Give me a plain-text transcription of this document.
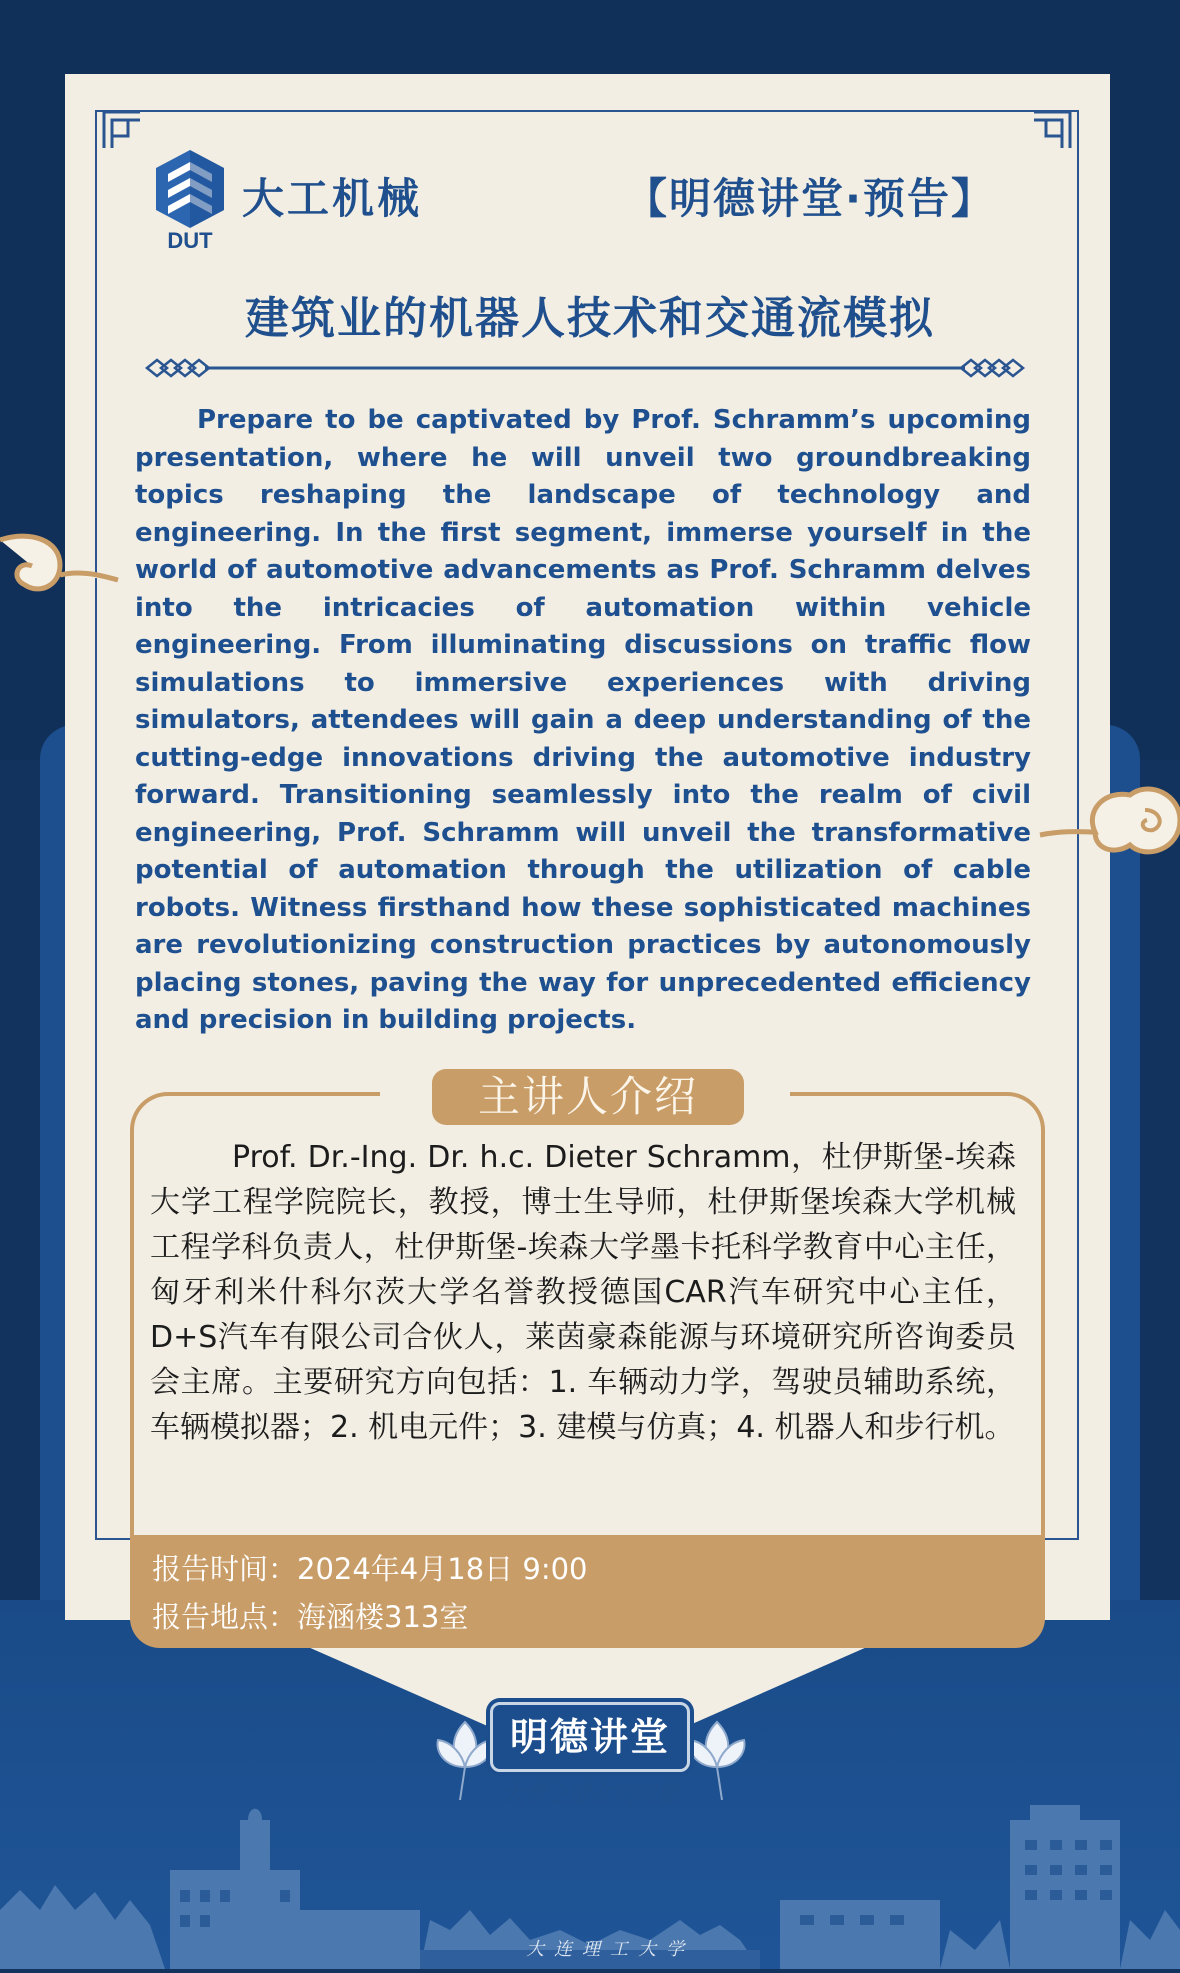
DUT
大工机械	【明德讲堂·预告】
建筑业的机器人技术和交通流模拟

Prepare to be captivated by Prof. Schramm’s upcoming presentation, where he will unveil two groundbreaking topics reshaping the landscape of technology and engineering. In the first segment, immerse yourself in the world of automotive advancements as Prof. Schramm delves into the intricacies of automation within vehicle engineering. From illuminating discussions on traffic flow simulations to immersive experiences with driving simulators, attendees will gain a deep understanding of the cutting-edge innovations driving the automotive industry forward. Transitioning seamlessly into the realm of civil engineering, Prof. Schramm will unveil the transformative potential of automation through the utilization of cable robots. Witness firsthand how these sophisticated machines are revolutionizing construction practices by autonomously placing stones, paving the way for unprecedented efficiency and precision in building projects.

主讲人介绍

Prof. Dr.-Ing. Dr. h.c. Dieter Schramm，杜伊斯堡-埃森大学工程学院院长，教授，博士生导师，杜伊斯堡埃森大学机械工程学科负责人，杜伊斯堡-埃森大学墨卡托科学教育中心主任，匈牙利米什科尔茨大学名誉教授德国CAR汽车研究中心主任，D+S汽车有限公司合伙人，莱茵豪森能源与环境研究所咨询委员会主席。主要研究方向包括：1. 车辆动力学，驾驶员辅助系统，车辆模拟器；2. 机电元件；3. 建模与仿真；4. 机器人和步行机。

报告时间：2024年4月18日 9:00
报告地点：海涵楼313室
明德讲堂
大学之道在明明德
大连理工大学
